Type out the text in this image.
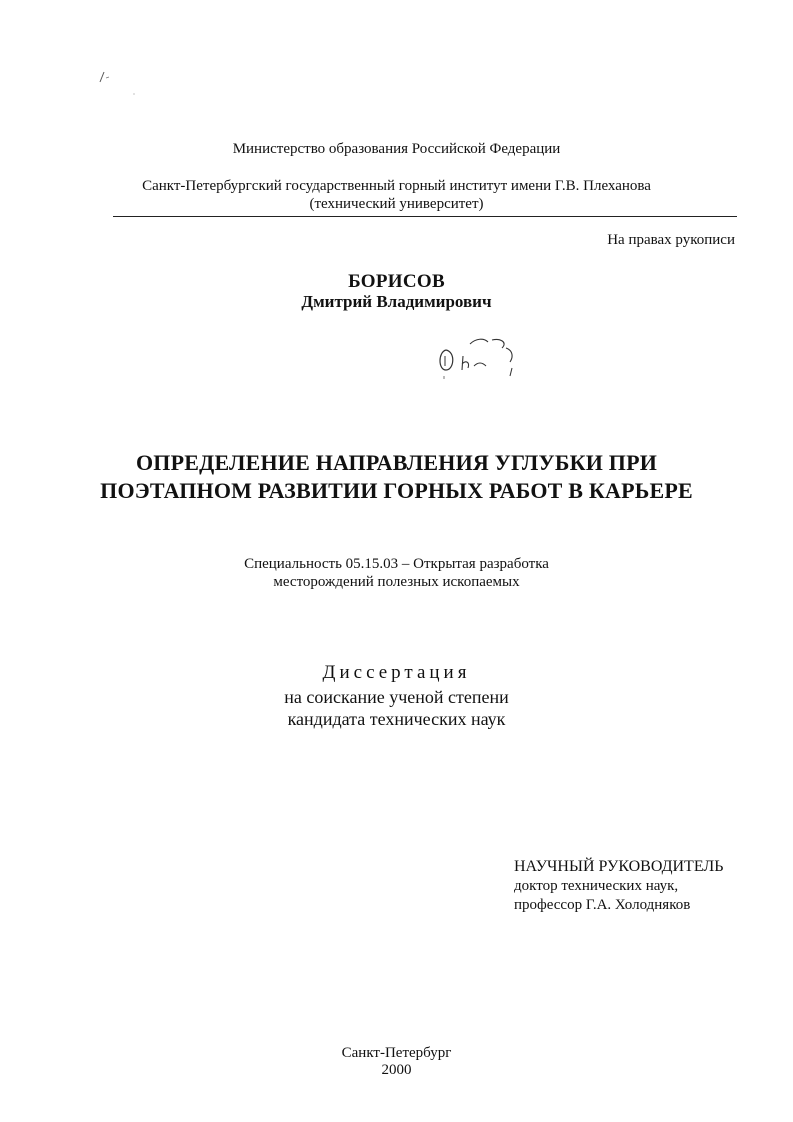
Министерство образования Российской Федерации
Санкт-Петербургский государственный горный институт имени Г.В. Плеханова
(технический университет)
На правах рукописи
БОРИСОВ
Дмитрий Владимирович
ОПРЕДЕЛЕНИЕ НАПРАВЛЕНИЯ УГЛУБКИ ПРИ
ПОЭТАПНОМ РАЗВИТИИ ГОРНЫХ РАБОТ В КАРЬЕРЕ
Специальность 05.15.03 – Открытая разработка
месторождений полезных ископаемых
Диссертация
на соискание ученой степени
кандидата технических наук
НАУЧНЫЙ РУКОВОДИТЕЛЬ
доктор технических наук,
профессор Г.А. Холодняков
Санкт-Петербург
2000
